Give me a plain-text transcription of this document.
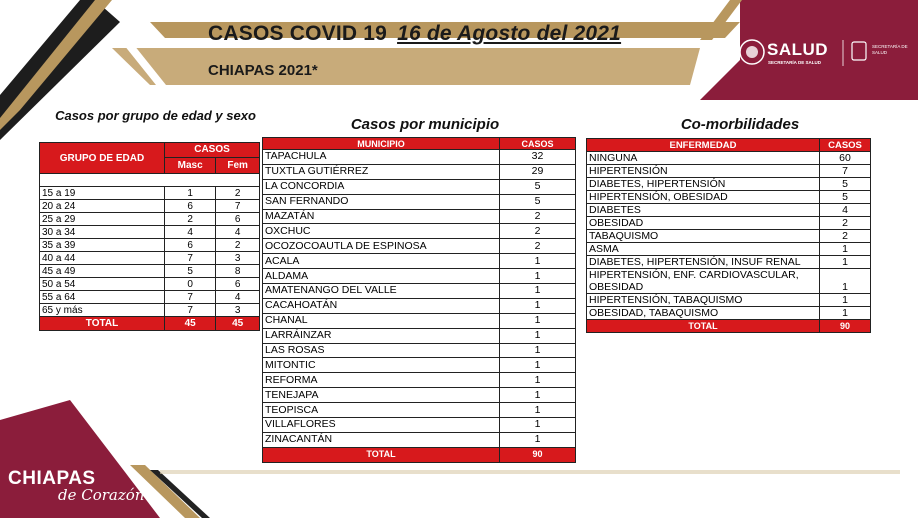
CASOS COVID 19 16 de Agosto del 2021
CHIAPAS 2021*
SALUD
SECRETARÍA DE SALUD
SECRETARÍA DE SALUD
Casos por grupo de edad y sexo
GRUPO DE EDAD	CASOS	
	Masc	Fem

15 a 19	1	2
20 a 24	6	7
25 a 29	2	6
30 a 34	4	4
35 a 39	6	2
40 a 44	7	3
45 a 49	5	8
50 a 54	0	6
55 a 64	7	4
65 y más	7	3
TOTAL	45	45
Casos por municipio
MUNICIPIO	CASOS
TAPACHULA	32
TUXTLA GUTIÉRREZ	29
LA CONCORDIA	5
SAN FERNANDO	5
MAZATÁN	2
OXCHUC	2
OCOZOCOAUTLA DE ESPINOSA	2
ACALA	1
ALDAMA	1
AMATENANGO DEL VALLE	1
CACAHOATÁN	1
CHANAL	1
LARRÁINZAR	1
LAS ROSAS	1
MITONTIC	1
REFORMA	1
TENEJAPA	1
TEOPISCA	1
VILLAFLORES	1
ZINACANTÁN	1
TOTAL	90
Co-morbilidades
ENFERMEDAD	CASOS
NINGUNA	60
HIPERTENSIÓN	7
DIABETES, HIPERTENSIÓN	5
HIPERTENSIÓN, OBESIDAD	5
DIABETES	4
OBESIDAD	2
TABAQUISMO	2
ASMA	1
DIABETES, HIPERTENSIÓN, INSUF RENAL	1
HIPERTENSIÓN, ENF. CARDIOVASCULAR, OBESIDAD	1
HIPERTENSIÓN, TABAQUISMO	1
OBESIDAD, TABAQUISMO	1
TOTAL	90
CHIAPAS
de Corazón
